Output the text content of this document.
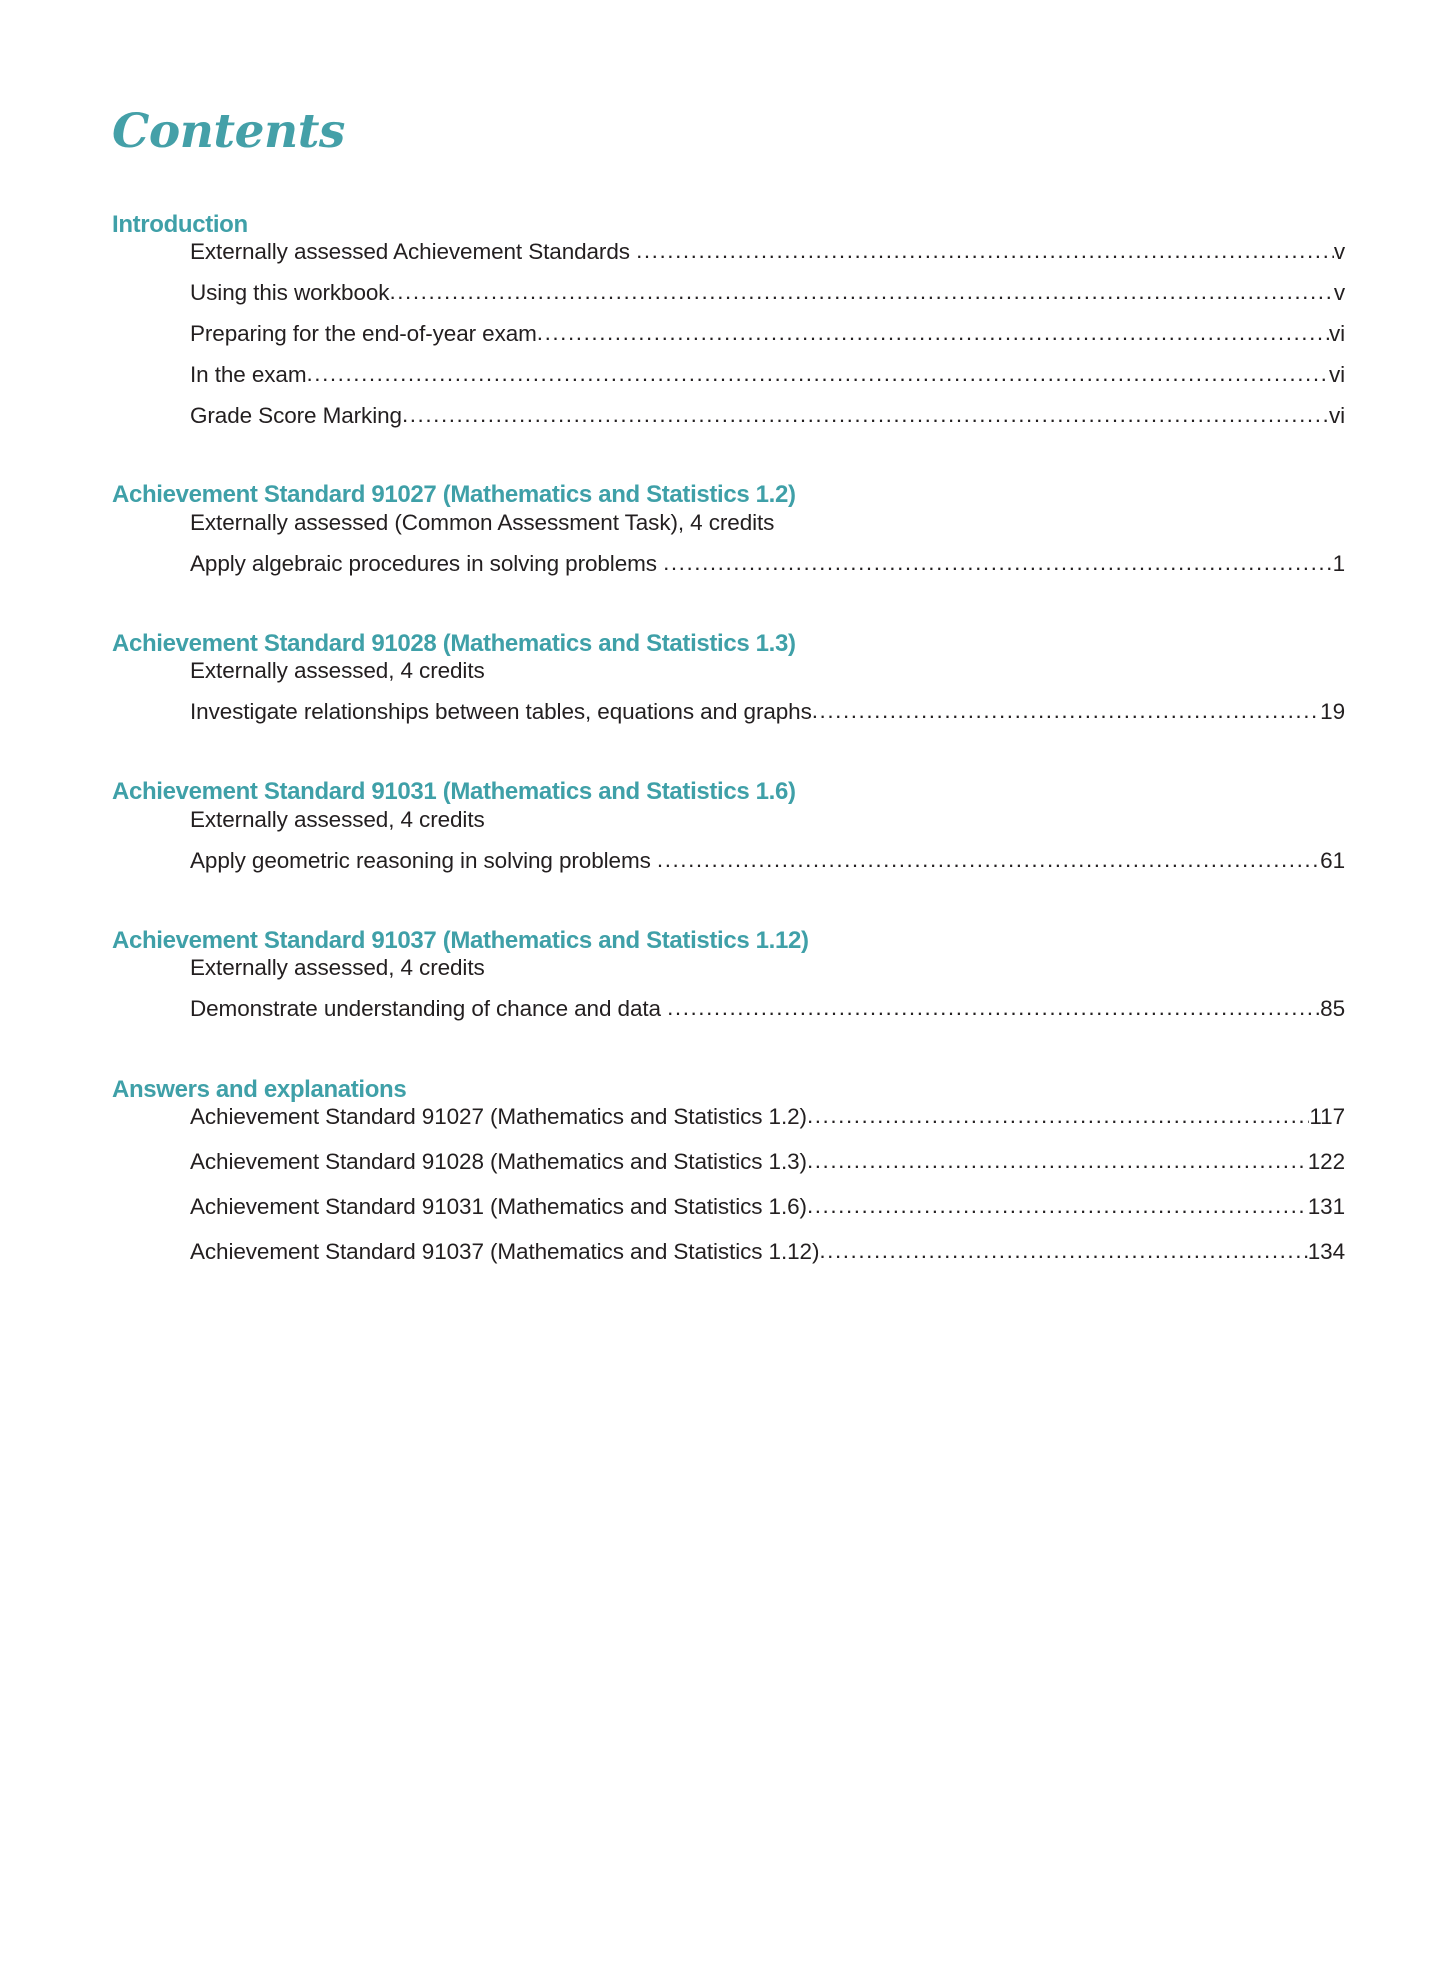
Contents
Introduction
Externally assessed Achievement Standards .....	v
Using this workbook .....	v
Preparing for the end-of-year exam .....	vi
In the exam .....	vi
Grade Score Marking .....	vi
Achievement Standard 91027 (Mathematics and Statistics 1.2)
Externally assessed (Common Assessment Task), 4 credits
Apply algebraic procedures in solving problems .....	1
Achievement Standard 91028 (Mathematics and Statistics 1.3)
Externally assessed, 4 credits
Investigate relationships between tables, equations and graphs .....	19
Achievement Standard 91031 (Mathematics and Statistics 1.6)
Externally assessed, 4 credits
Apply geometric reasoning in solving problems .....	61
Achievement Standard 91037 (Mathematics and Statistics 1.12)
Externally assessed, 4 credits
Demonstrate understanding of chance and data .....	85
Answers and explanations
Achievement Standard 91027 (Mathematics and Statistics 1.2) .....	117
Achievement Standard 91028 (Mathematics and Statistics 1.3) .....	122
Achievement Standard 91031 (Mathematics and Statistics 1.6) .....	131
Achievement Standard 91037 (Mathematics and Statistics 1.12) .....	134
